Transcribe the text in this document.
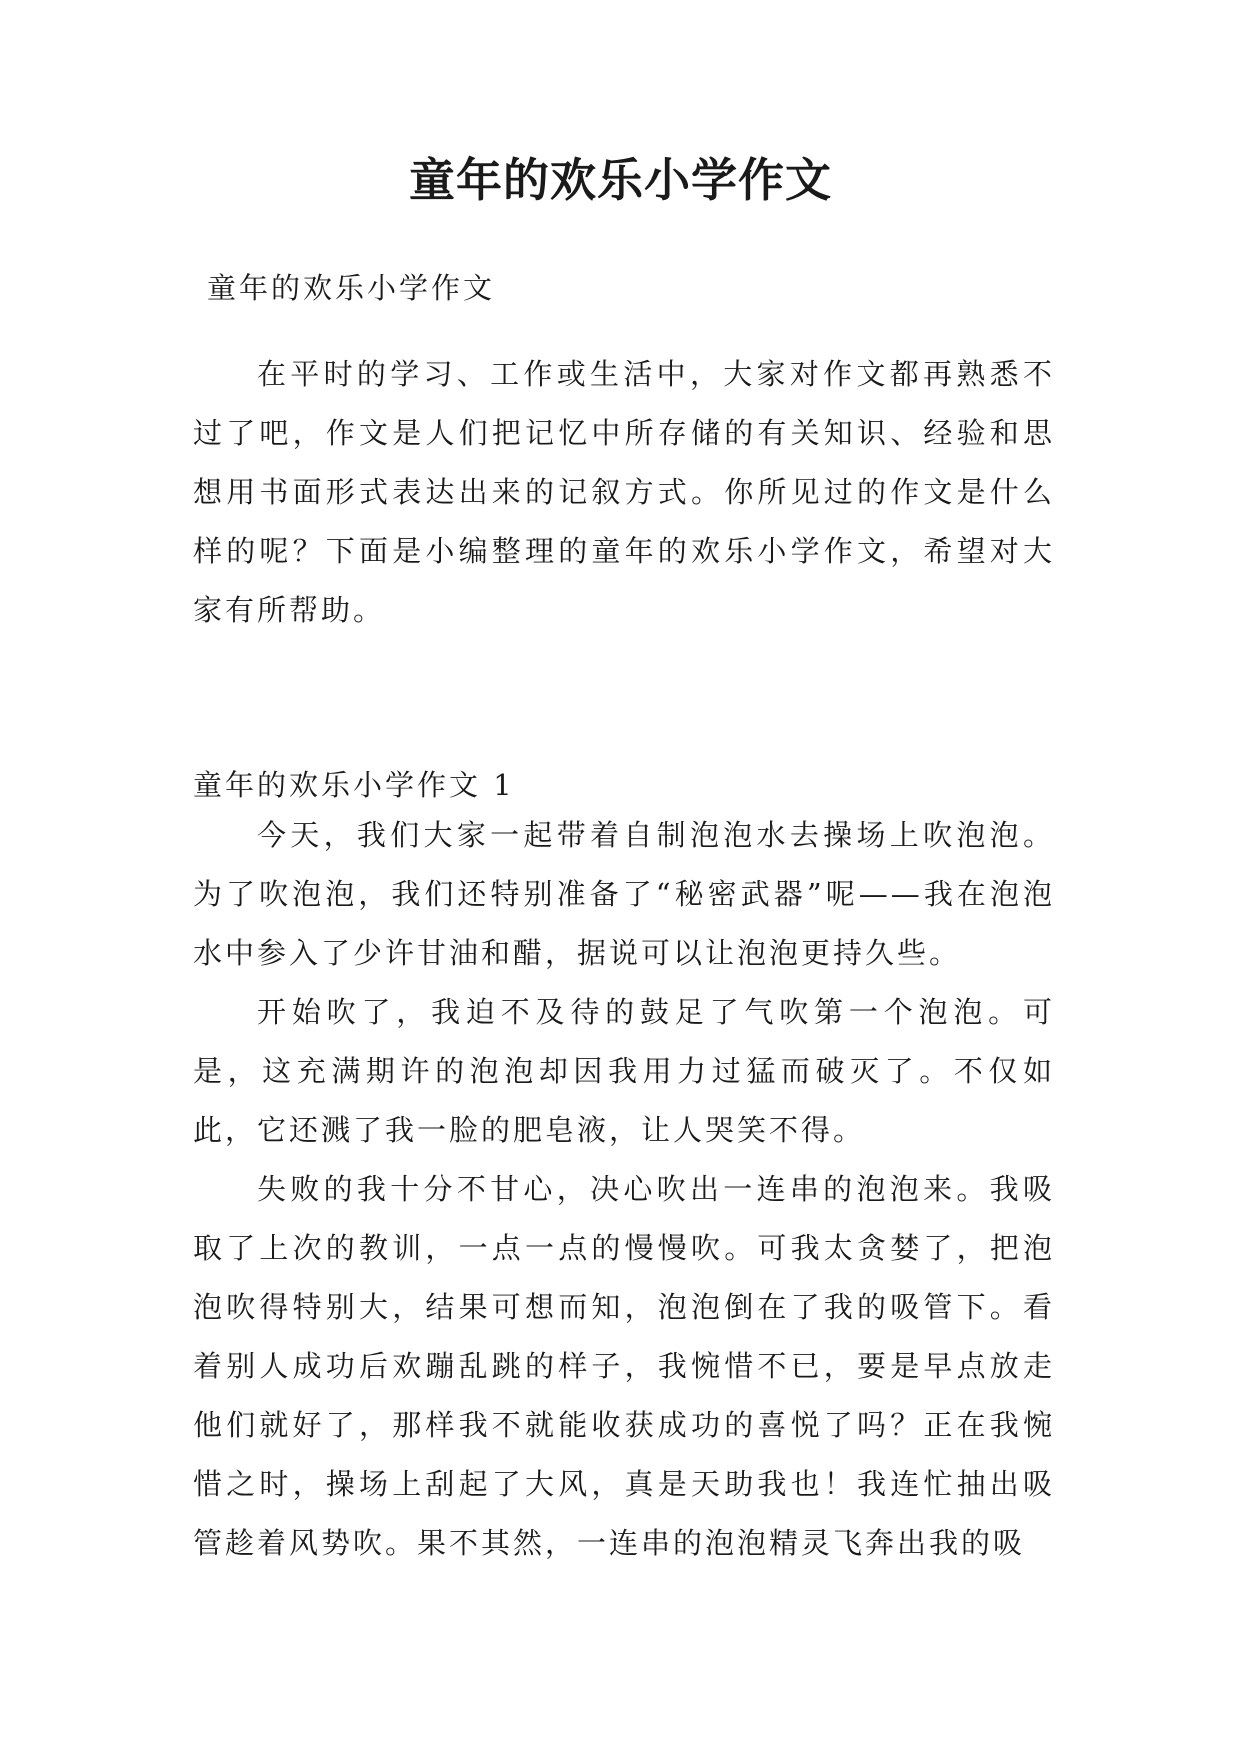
童年的欢乐小学作文

童年的欢乐小学作文

在平时的学习、工作或生活中，大家对作文都再熟悉不过了吧，作文是人们把记忆中所存储的有关知识、经验和思想用书面形式表达出来的记叙方式。你所见过的作文是什么样的呢？下面是小编整理的童年的欢乐小学作文，希望对大家有所帮助。

童年的欢乐小学作文 1

今天，我们大家一起带着自制泡泡水去操场上吹泡泡。为了吹泡泡，我们还特别准备了“秘密武器”呢——我在泡泡水中参入了少许甘油和醋，据说可以让泡泡更持久些。

开始吹了，我迫不及待的鼓足了气吹第一个泡泡。可是，这充满期许的泡泡却因我用力过猛而破灭了。不仅如此，它还溅了我一脸的肥皂液，让人哭笑不得。

失败的我十分不甘心，决心吹出一连串的泡泡来。我吸取了上次的教训，一点一点的慢慢吹。可我太贪婪了，把泡泡吹得特别大，结果可想而知，泡泡倒在了我的吸管下。看着别人成功后欢蹦乱跳的样子，我惋惜不已，要是早点放走他们就好了，那样我不就能收获成功的喜悦了吗？正在我惋惜之时，操场上刮起了大风，真是天助我也！我连忙抽出吸管趁着风势吹。果不其然，一连串的泡泡精灵飞奔出我的吸
